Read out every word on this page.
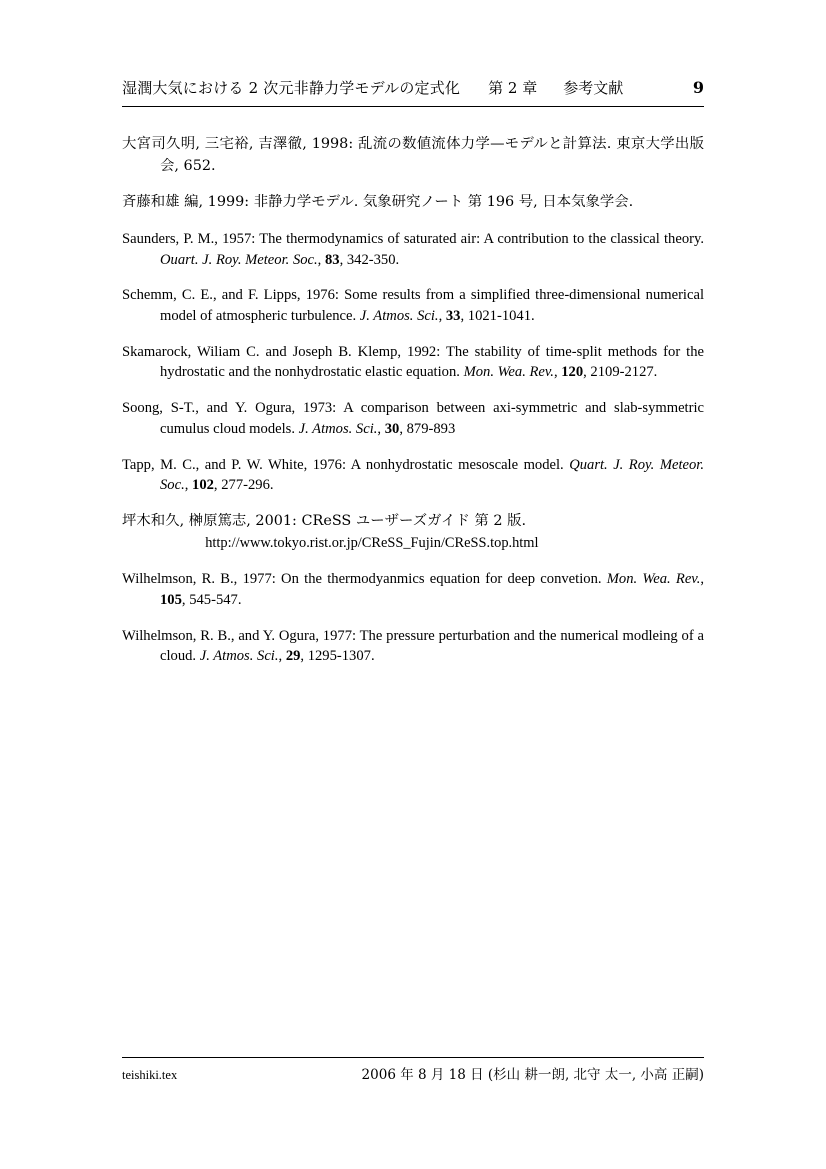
湿潤大気における 2 次元非静力学モデルの定式化 第 2 章 参考文献	9
大宮司久明, 三宅裕, 吉澤徹, 1998: 乱流の数値流体力学—モデルと計算法. 東京大学出版会, 652.
斉藤和雄 編, 1999: 非静力学モデル. 気象研究ノート 第 196 号, 日本気象学会.
Saunders, P. M., 1957: The thermodynamics of saturated air: A contribution to the classical theory. Ouart. J. Roy. Meteor. Soc., 83, 342-350.
Schemm, C. E., and F. Lipps, 1976: Some results from a simplified three-dimensional numerical model of atmospheric turbulence. J. Atmos. Sci., 33, 1021-1041.
Skamarock, Wiliam C. and Joseph B. Klemp, 1992: The stability of time-split methods for the hydrostatic and the nonhydrostatic elastic equation. Mon. Wea. Rev., 120, 2109-2127.
Soong, S-T., and Y. Ogura, 1973: A comparison between axi-symmetric and slab-symmetric cumulus cloud models. J. Atmos. Sci., 30, 879-893
Tapp, M. C., and P. W. White, 1976: A nonhydrostatic mesoscale model. Quart. J. Roy. Meteor. Soc., 102, 277-296.
坪木和久, 榊原篤志, 2001: CReSS ユーザーズガイド 第 2 版.
http://www.tokyo.rist.or.jp/CReSS_Fujin/CReSS.top.html
Wilhelmson, R. B., 1977: On the thermodyanmics equation for deep convetion. Mon. Wea. Rev., 105, 545-547.
Wilhelmson, R. B., and Y. Ogura, 1977: The pressure perturbation and the numerical modleing of a cloud. J. Atmos. Sci., 29, 1295-1307.
teishiki.tex	2006 年 8 月 18 日 (杉山 耕一朗, 北守 太一, 小高 正嗣)
